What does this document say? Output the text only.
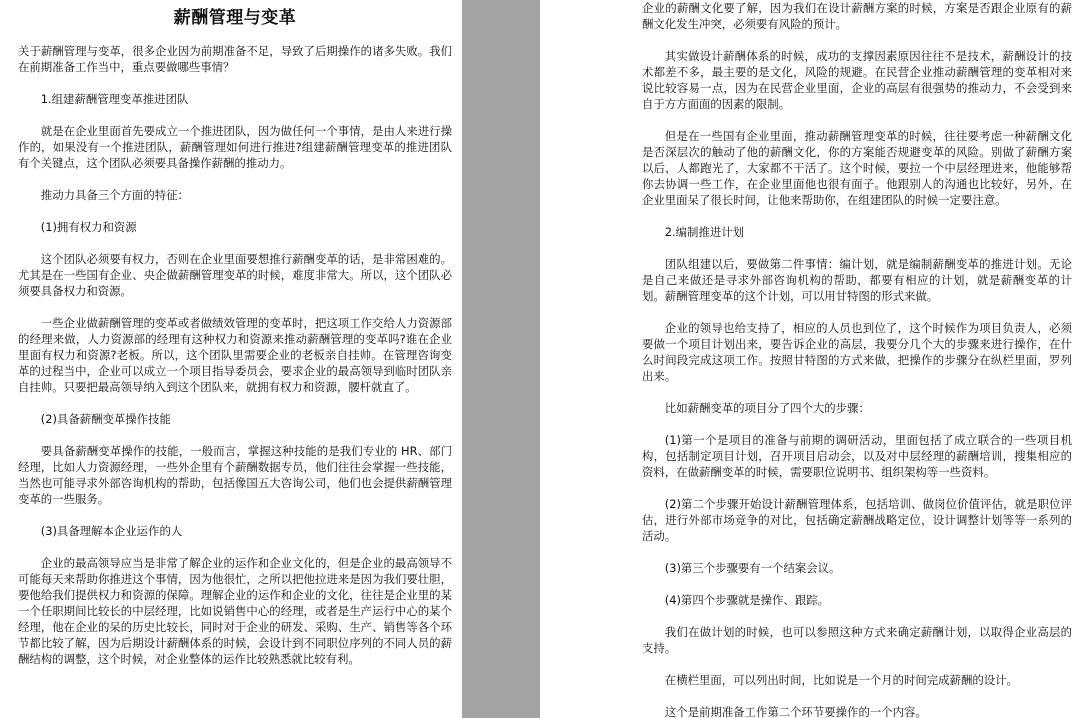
薪酬管理与变革

关于薪酬管理与变革，很多企业因为前期准备不足，导致了后期操作的诸多失败。我们在前期准备工作当中，重点要做哪些事情？

1.组建薪酬管理变革推进团队

就是在企业里面首先要成立一个推进团队，因为做任何一个事情，是由人来进行操作的，如果没有一个推进团队，薪酬管理如何进行推进?组建薪酬管理变革的推进团队有个关键点，这个团队必须要具备操作薪酬的推动力。

推动力具备三个方面的特征：

(1)拥有权力和资源

这个团队必须要有权力，否则在企业里面要想推行薪酬变革的话，是非常困难的。尤其是在一些国有企业、央企做薪酬管理变革的时候，难度非常大。所以，这个团队必须要具备权力和资源。

一些企业做薪酬管理的变革或者做绩效管理的变革时，把这项工作交给人力资源部的经理来做，人力资源部的经理有这种权力和资源来推动薪酬管理的变革吗?谁在企业里面有权力和资源?老板。所以，这个团队里需要企业的老板亲自挂帅。在管理咨询变革的过程当中，企业可以成立一个项目指导委员会，要求企业的最高领导到临时团队亲自挂帅。只要把最高领导纳入到这个团队来，就拥有权力和资源，腰杆就直了。

(2)具备薪酬变革操作技能

要具备薪酬变革操作的技能，一般而言，掌握这种技能的是我们专业的 HR、部门经理，比如人力资源经理，一些外企里有个薪酬数据专员，他们往往会掌握一些技能，当然也可能寻求外部咨询机构的帮助，包括像国五大咨询公司，他们也会提供薪酬管理变革的一些服务。

(3)具备理解本企业运作的人

企业的最高领导应当是非常了解企业的运作和企业文化的，但是企业的最高领导不可能每天来帮助你推进这个事情，因为他很忙，之所以把他拉进来是因为我们要壮胆，要他给我们提供权力和资源的保障。理解企业的运作和企业的文化，往往是企业里的某一个任职期间比较长的中层经理，比如说销售中心的经理，或者是生产运行中心的某个经理，他在企业的呆的历史比较长，同时对于企业的研发、采购、生产、销售等各个环节都比较了解，因为后期设计薪酬体系的时候，会设计到不同职位序列的不同人员的薪酬结构的调整，这个时候，对企业整体的运作比较熟悉就比较有利。

企业的薪酬文化要了解，因为我们在设计薪酬方案的时候，方案是否跟企业原有的薪酬文化发生冲突，必须要有风险的预计。

其实做设计薪酬体系的时候，成功的支撑因素原因往往不是技术，薪酬设计的技术都差不多，最主要的是文化，风险的规避。在民营企业推动薪酬管理的变革相对来说比较容易一点，因为在民营企业里面，企业的高层有很强势的推动力，不会受到来自于方方面面的因素的限制。

但是在一些国有企业里面，推动薪酬管理变革的时候，往往要考虑一种薪酬文化是否深层次的触动了他的薪酬文化，你的方案能否规避变革的风险。别做了薪酬方案以后，人都跑光了，大家都不干活了。这个时候，要拉一个中层经理进来，他能够帮你去协调一些工作，在企业里面他也很有面子。他跟别人的沟通也比较好，另外，在企业里面呆了很长时间，让他来帮助你，在组建团队的时候一定要注意。

2.编制推进计划

团队组建以后，要做第二件事情：编计划，就是编制薪酬变革的推进计划。无论是自己来做还是寻求外部咨询机构的帮助，都要有相应的计划，就是薪酬变革的计划。薪酬管理变革的这个计划，可以用甘特图的形式来做。

企业的领导也给支持了，相应的人员也到位了，这个时候作为项目负责人，必须要做一个项目计划出来，要告诉企业的高层，我要分几个大的步骤来进行操作，在什么时间段完成这项工作。按照甘特图的方式来做，把操作的步骤分在纵栏里面，罗列出来。

比如薪酬变革的项目分了四个大的步骤：

(1)第一个是项目的准备与前期的调研活动，里面包括了成立联合的一些项目机构，包括制定项目计划，召开项目启动会，以及对中层经理的薪酬培训，搜集相应的资料，在做薪酬变革的时候，需要职位说明书、组织架构等一些资料。

(2)第二个步骤开始设计薪酬管理体系，包括培训、做岗位价值评估，就是职位评估，进行外部市场竞争的对比，包括确定薪酬战略定位，设计调整计划等等一系列的活动。

(3)第三个步骤要有一个结案会议。

(4)第四个步骤就是操作、跟踪。

我们在做计划的时候，也可以参照这种方式来确定薪酬计划，以取得企业高层的支持。

在横栏里面，可以列出时间，比如说是一个月的时间完成薪酬的设计。

这个是前期准备工作第二个环节要操作的一个内容。
